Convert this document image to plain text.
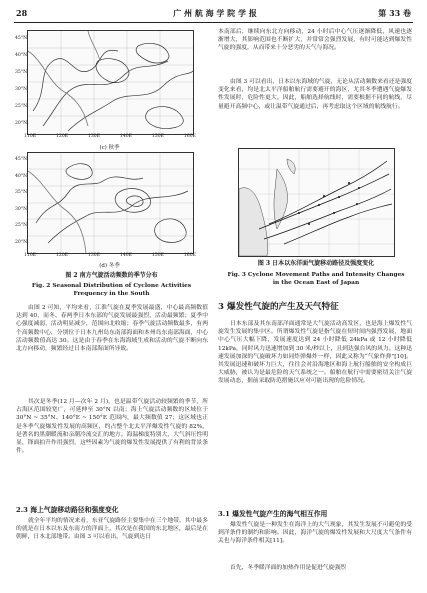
28	广 州 航 海 学 院 学 报	第 33 卷
45°N
40°N
35°N
30°N
25°N
20°N
110E	120E	130E	140E	150E	160E
(c) 秋季
45°N
40°N
35°N
30°N
25°N
20°N
110E	120E	130E	140E	150E	160E
(d) 冬季
图 2 南方气旋活动频数的季节分布
Fig. 2 Seasonal Distribution of Cyclone Activities
Frequency in the South
由图 2 可知，平均来看，江淮气旋在夏季发展最盛，中心最高频数值达到 40，而冬、春两季日本东部的气旋发展最强烈，活动最频繁；夏季中心强度减弱，活动明显减少，范围向北收缩；春季气旋活动频数最多，有两个高频数中心，分别位于日本九州岛东南部海面和本州岛东南部海面，中心活动频数值高达 30。这是由于春季在东海海域生成和活动的气旋不断向东北方向移动，频繁经过日本南部海面所导致。
其次是冬季(12 月—次年 2 月)，也是温带气旋活动较频繁的季节，所占海区范围较宽广，可延伸至 30°N 以南；海上气旋活动频数的区域位于 30°N ~ 35°N、140°E ~ 150°E 范围内，最大频数值 27；这区域也正是冬季气旋爆发性发展的高频区，约占整个北太平洋爆发性气旋的 82%，是著名的黑潮暖流和亲潮冷流交汇的地方。海温梯度特别大，大气斜压性明显，锋面拍升作用强烈，这些因素为气旋的爆发性发展提供了有利的背景条件。
2.3 海上气旋移动路径和强度变化
就全年平均的情况来看，东亚气旋路径主要集中在三个地带，其中最多的就是在日本以东及东南方的洋面上，其次是在我国的东北地区，最后是在朝鲜，日本北部地带。由图 3 可以看出，气旋到达日
本南部后，继续向东北方向移动，24 小时后中心气压逐渐降低，风速也逐渐增大，其影响范围也不断扩大，并常常会强烈发展，有时可能达到爆发性气旋的强度，从而带来十分恶劣的天气与海况。
由图 3 可以看出，日本以东海域的气旋，无论从活动频数来看还是强度变化来看，均是北太平洋船舶航行需要避开的海区，尤其冬季遭遇气旋爆发性发展时，危险性更大。因此，船舶选择航线时，需要根据不同的航线，尽量避开高频中心，或让温带气旋通过后，再考虑取这个区域的航线航行。
图 3 日本以东洋面气旋移动路径及强度变化
Fig. 3 Cyclone Movement Paths and Intensity Changes
in the Ocean East of Japan
3 爆发性气旋的产生及天气特征
日本东部及其东南部洋面通常是大气旋活动高发区，也是海上爆发性气旋发生发展的集中区。所谓爆发性气旋是指气旋在短时间内强烈发展，地面中心气压大幅下降，发展速度达到 24 小时降低 24kPa 或 12 小时降低 12kPa，同时风力迅速增加到 30 米/秒以上，且到达强台风的风力。这种迅速发展加深的气旋破坏力如同炸弹爆炸一样，因此又称为“气象炸弹”[10]。其发展迅速和破坏力巨大，往往会对沿海地区和海上航行船舶的安全构成巨大威胁，被认为是最危险的天气系统之一。船舶在航行中需要密切关注气旋发展动态，据前采取防范措施以应对可能出现的危险情况。
3.1 爆发性气旋产生的海气相互作用
爆发性气旋是一种发生在海洋上的大气现象，其发生发展不可避免的受到洋条件的制约和影响。因此，海洋气旋的爆发性发展和大尺度大气条件有关也与海洋条件相关[11]。
首先，冬季暖洋面的加热作用是促进气旋强烈
